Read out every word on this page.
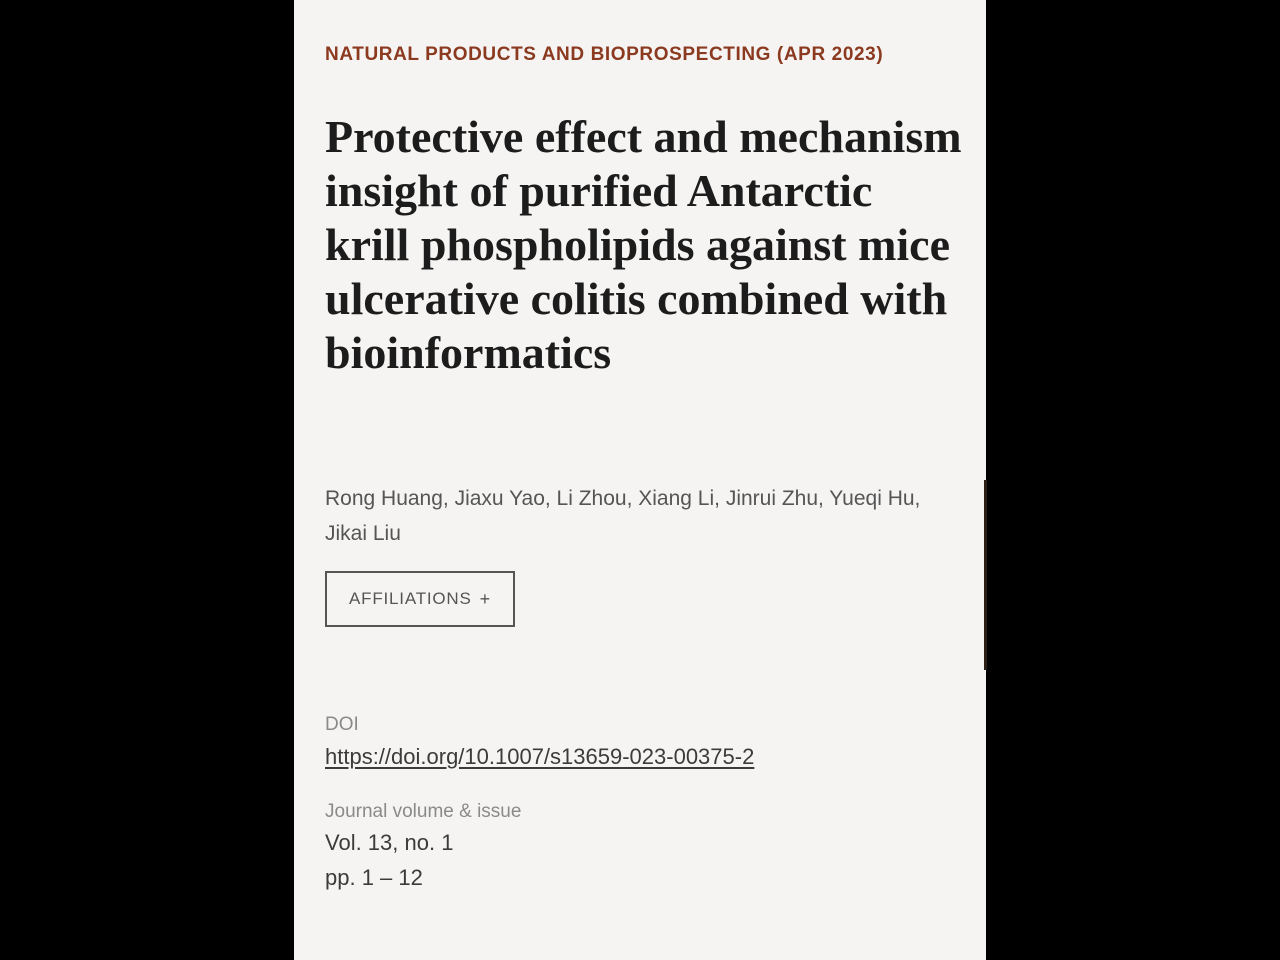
NATURAL PRODUCTS AND BIOPROSPECTING (APR 2023)
Protective effect and mechanism insight of purified Antarctic krill phospholipids against mice ulcerative colitis combined with bioinformatics
Rong Huang, Jiaxu Yao, Li Zhou, Xiang Li, Jinrui Zhu, Yueqi Hu, Jikai Liu
AFFILIATIONS +
DOI
https://doi.org/10.1007/s13659-023-00375-2
Journal volume & issue
Vol. 13, no. 1
pp. 1 – 12
